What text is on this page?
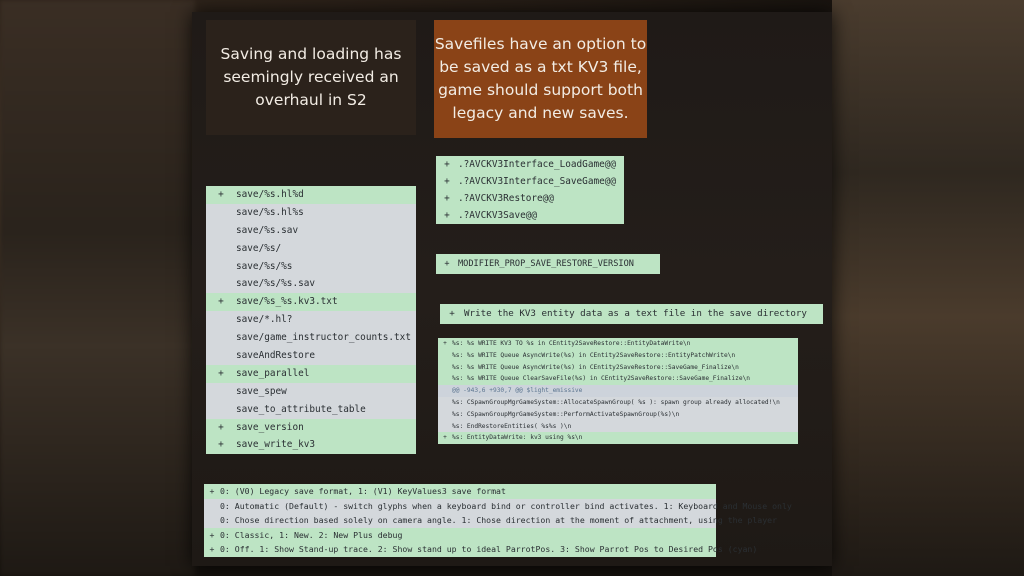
Saving and loading has seemingly received an overhaul in S2
Savefiles have an option to be saved as a txt KV3 file, game should support both legacy and new saves.
+ save/%s.hl%d
save/%s.hl%s
save/%s.sav
save/%s/
save/%s/%s
save/%s/%s.sav
+ save/%s_%s.kv3.txt
save/*.hl?
save/game_instructor_counts.txt
saveAndRestore
+ save_parallel
save_spew
save_to_attribute_table
+ save_version
+ save_write_kv3
+ .?AVCKV3Interface_LoadGame@@
+ .?AVCKV3Interface_SaveGame@@
+ .?AVCKV3Restore@@
+ .?AVCKV3Save@@
+ MODIFIER_PROP_SAVE_RESTORE_VERSION
+ Write the KV3 entity data as a text file in the save directory
+ %s: %s WRITE KV3 TO %s in CEntity2SaveRestore::EntityDataWrite\n
%s: %s WRITE Queue AsyncWrite(%s) in CEntity2SaveRestore::EntityPatchWrite\n
%s: %s WRITE Queue AsyncWrite(%s) in CEntity2SaveRestore::SaveGame_Finalize\n
%s: %s WRITE Queue ClearSaveFile(%s) in CEntity2SaveRestore::SaveGame_Finalize\n
@@ -943,6 +930,7 @@ $light_emissive
%s: CSpawnGroupMgrGameSystem::AllocateSpawnGroup( %s ): spawn group already allocated!\n
%s: CSpawnGroupMgrGameSystem::PerformActivateSpawnGroup(%s)\n
%s: EndRestoreEntities( %s%s )\n
+ %s: EntityDataWrite: kv3 using %s\n
+ 0: (V0) Legacy save format, 1: (V1) KeyValues3 save format
0: Automatic (Default) - switch glyphs when a keyboard bind or controller bind activates. 1: Keyboard and Mouse only
0: Chose direction based solely on camera angle. 1: Chose direction at the moment of attachment, using the player
+ 0: Classic, 1: New. 2: New Plus debug
+ 0: Off. 1: Show Stand-up trace. 2: Show stand up to ideal ParrotPos. 3: Show Parrot Pos to Desired Pos (cyan)
